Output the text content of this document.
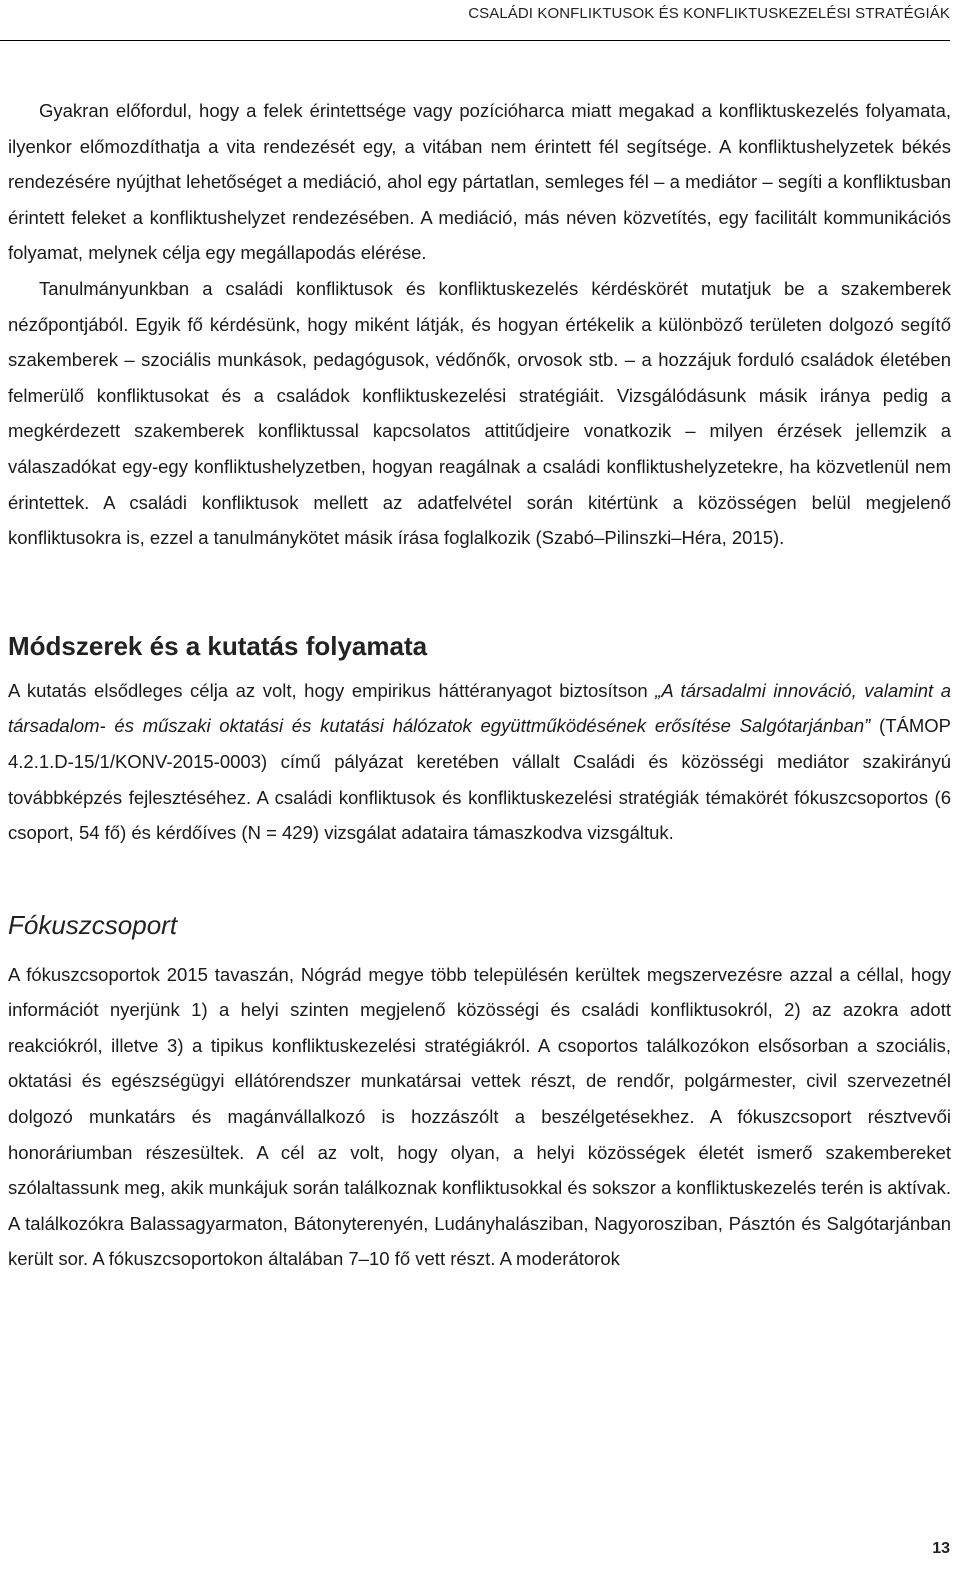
CSALÁDI KONFLIKTUSOK ÉS KONFLIKTUSKEZELÉSI STRATÉGIÁK

Gyakran előfordul, hogy a felek érintettsége vagy pozícióharca miatt megakad a konfliktuskezelés folyamata, ilyenkor előmozdíthatja a vita rendezését egy, a vitában nem érintett fél segítsége. A konfliktushelyzetek békés rendezésére nyújthat lehetőséget a mediáció, ahol egy pártatlan, semleges fél – a mediátor – segíti a konfliktusban érintett feleket a konfliktushelyzet rendezésében. A mediáció, más néven közvetítés, egy facilitált kommunikációs folyamat, melynek célja egy megállapodás elérése.

Tanulmányunkban a családi konfliktusok és konfliktuskezelés kérdéskörét mutatjuk be a szakemberek nézőpontjából. Egyik fő kérdésünk, hogy miként látják, és hogyan értékelik a különböző területen dolgozó segítő szakemberek – szociális munkások, pedagógusok, védőnők, orvosok stb. – a hozzájuk forduló családok életében felmerülő konfliktusokat és a családok konfliktuskezelési stratégiáit. Vizsgálódásunk másik iránya pedig a megkérdezett szakemberek konfliktussal kapcsolatos attitűdjeire vonatkozik – milyen érzések jellemzik a válaszadókat egy-egy konfliktushelyzetben, hogyan reagálnak a családi konfliktushelyzetekre, ha közvetlenül nem érintettek. A családi konfliktusok mellett az adatfelvétel során kitértünk a közösségen belül megjelenő konfliktusokra is, ezzel a tanulmánykötet másik írása foglalkozik (Szabó–Pilinszki–Héra, 2015).

Módszerek és a kutatás folyamata

A kutatás elsődleges célja az volt, hogy empirikus háttéranyagot biztosítson „A társadalmi innováció, valamint a társadalom- és műszaki oktatási és kutatási hálózatok együttműködésének erősítése Salgótarjánban” (TÁMOP 4.2.1.D-15/1/KONV-2015-0003) című pályázat keretében vállalt Családi és közösségi mediátor szakirányú továbbképzés fejlesztéséhez. A családi konfliktusok és konfliktuskezelési stratégiák témakörét fókuszcsoportos (6 csoport, 54 fő) és kérdőíves (N = 429) vizsgálat adataira támaszkodva vizsgáltuk.

Fókuszcsoport

A fókuszcsoportok 2015 tavaszán, Nógrád megye több településén kerültek megszervezésre azzal a céllal, hogy információt nyerjünk 1) a helyi szinten megjelenő közösségi és családi konfliktusokról, 2) az azokra adott reakciókról, illetve 3) a tipikus konfliktuskezelési stratégiákról. A csoportos találkozókon elsősorban a szociális, oktatási és egészségügyi ellátórendszer munkatársai vettek részt, de rendőr, polgármester, civil szervezetnél dolgozó munkatárs és magánvállalkozó is hozzászólt a beszélgetésekhez. A fókuszcsoport résztvevői honoráriumban részesültek. A cél az volt, hogy olyan, a helyi közösségek életét ismerő szakembereket szólaltassunk meg, akik munkájuk során találkoznak konfliktusokkal és sokszor a konfliktuskezelés terén is aktívak. A találkozókra Balassagyarmaton, Bátonyterenyén, Ludányhalásziban, Nagyorosziban, Pásztón és Salgótarjánban került sor. A fókuszcsoportokon általában 7–10 fő vett részt. A moderátorok

13
